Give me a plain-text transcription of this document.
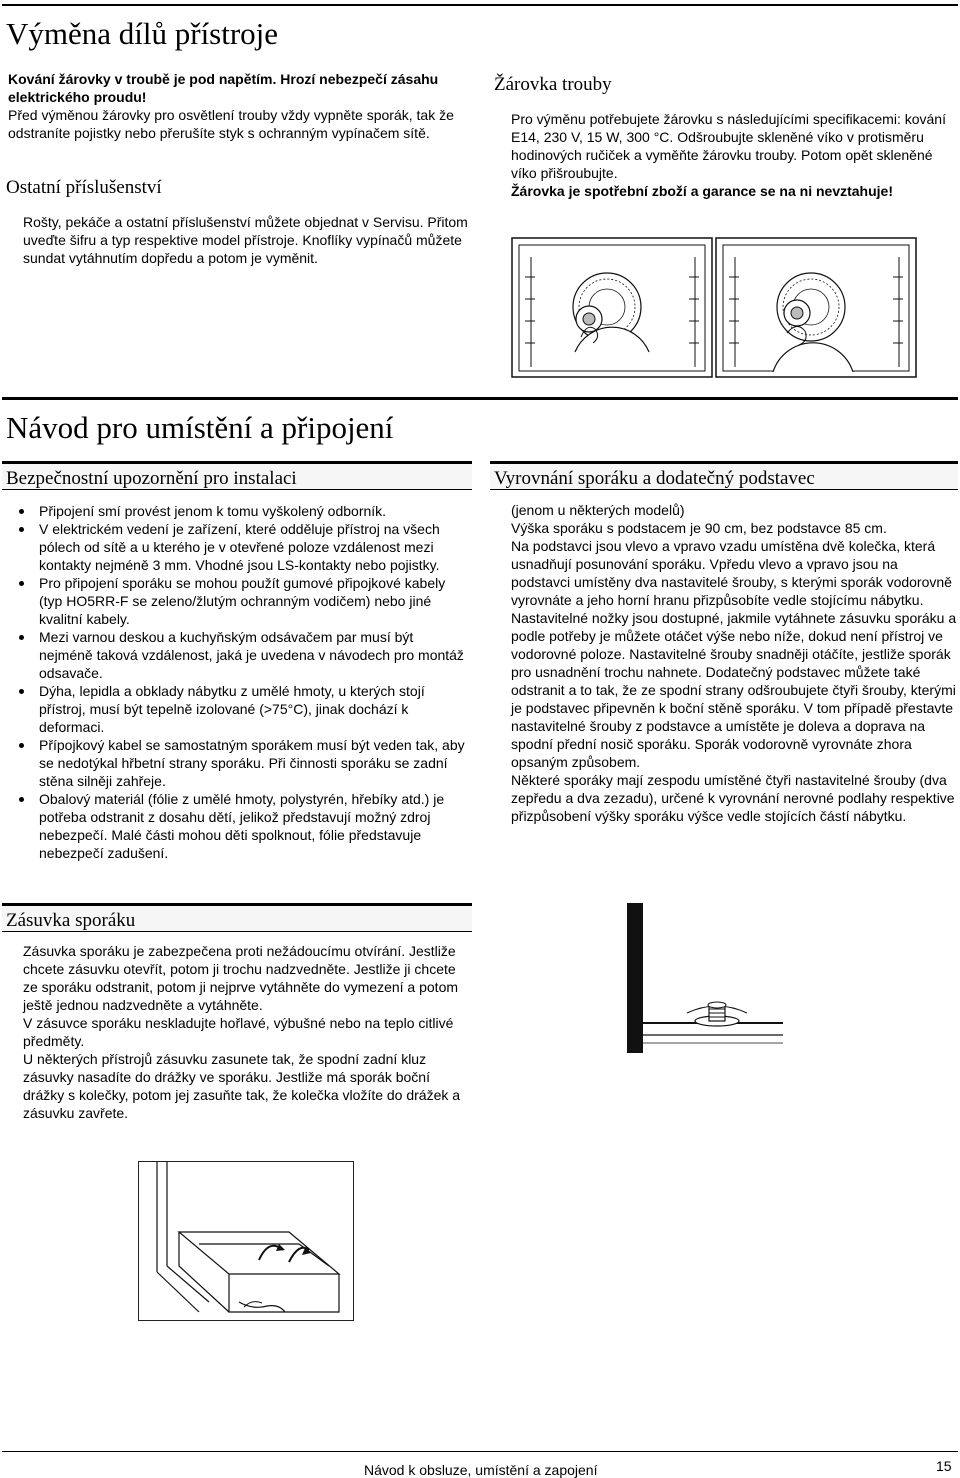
Výměna dílů přístroje
Kování žárovky v troubě je pod napětím. Hrozí nebezpečí zásahu elektrického proudu!
Před výměnou žárovky pro osvětlení trouby vždy vypněte sporák, tak že odstraníte pojistky nebo přerušíte styk s ochranným vypínačem sítě.
Ostatní příslušenství
Rošty, pekáče a ostatní příslušenství můžete objednat v Servisu. Přitom uveďte šifru a typ respektive model přístroje. Knoflíky vypínačů můžete sundat vytáhnutím dopředu a potom je vyměnit.
Žárovka trouby
Pro výměnu potřebujete žárovku s následujícími specifikacemi: kování E14, 230 V, 15 W, 300 °C. Odšroubujte skleněné víko v protisměru hodinových ručiček a vyměňte žárovku trouby. Potom opět skleněné víko přišroubujte.
Žárovka je spotřební zboží a garance se na ni nevztahuje!
Návod pro umístění a připojení
Bezpečnostní upozornění pro instalaci	Vyrovnání sporáku a dodatečný podstavec
Připojení smí provést jenom k tomu vyškolený odborník.
V elektrickém vedení je zařízení, které odděluje přístroj na všech pólech od sítě a u kterého je v otevřené poloze vzdálenost mezi kontakty nejméně 3 mm. Vhodné jsou LS-kontakty nebo pojistky.
Pro připojení sporáku se mohou použít gumové připojkové kabely (typ HO5RR-F se zeleno/žlutým ochranným vodičem) nebo jiné kvalitní kabely.
Mezi varnou deskou a kuchyňským odsávačem par musí být nejméně taková vzdálenost, jaká je uvedena v návodech pro montáž odsavače.
Dýha, lepidla a obklady nábytku z umělé hmoty, u kterých stojí přístroj, musí být tepelně izolované (>75°C), jinak dochází k deformaci.
Přípojkový kabel se samostatným sporákem musí být veden tak, aby se nedotýkal hřbetní strany sporáku. Při činnosti sporáku se zadní stěna silněji zahřeje.
Obalový materiál (fólie z umělé hmoty, polystyrén, hřebíky atd.) je potřeba odstranit z dosahu dětí, jelikož představují možný zdroj nebezpečí. Malé části mohou děti spolknout, fólie představuje nebezpečí zadušení.
Zásuvka sporáku

Zásuvka sporáku je zabezpečena proti nežádoucímu otvírání. Jestliže chcete zásuvku otevřít, potom ji trochu nadzvedněte. Jestliže ji chcete ze sporáku odstranit, potom ji nejprve vytáhněte do vymezení a potom ještě jednou nadzvedněte a vytáhněte.

V zásuvce sporáku neskladujte hořlavé, výbušné nebo na teplo citlivé předměty.

U některých přístrojů zásuvku zasunete tak, že spodní zadní kluz zásuvky nasadíte do drážky ve sporáku. Jestliže má sporák boční drážky s kolečky, potom jej zasuňte tak, že kolečka vložíte do drážek a zásuvku zavřete.

(jenom u některých modelů)

Výška sporáku s podstacem je 90 cm, bez podstavce 85 cm.

Na podstavci jsou vlevo a vpravo vzadu umístěna dvě kolečka, která usnadňují posunování sporáku. Vpředu vlevo a vpravo jsou na podstavci umístěny dva nastavitelé šrouby, s kterými sporák vodorovně vyrovnáte a jeho horní hranu přizpůsobíte vedle stojícímu nábytku.

Nastavitelné nožky jsou dostupné, jakmile vytáhnete zásuvku sporáku a podle potřeby je můžete otáčet výše nebo níže, dokud není přístroj ve vodorovné poloze. Nastavitelné šrouby snadněji otáčíte, jestliže sporák pro usnadnění trochu nahnete. Dodatečný podstavec můžete také odstranit a to tak, že ze spodní strany odšroubujete čtyři šrouby, kterými je podstavec připevněn k boční stěně sporáku. V tom případě přestavte nastavitelné šrouby z podstavce a umístěte je doleva a doprava na spodní přední nosič sporáku. Sporák vodorovně vyrovnáte zhora opsaným způsobem.

Některé sporáky mají zespodu umístěné čtyři nastavitelné šrouby (dva zepředu a dva zezadu), určené k vyrovnání nerovné podlahy respektive přizpůsobení výšky sporáku výšce vedle stojících částí nábytku.

Návod k obsluze, umístění a zapojení	15
